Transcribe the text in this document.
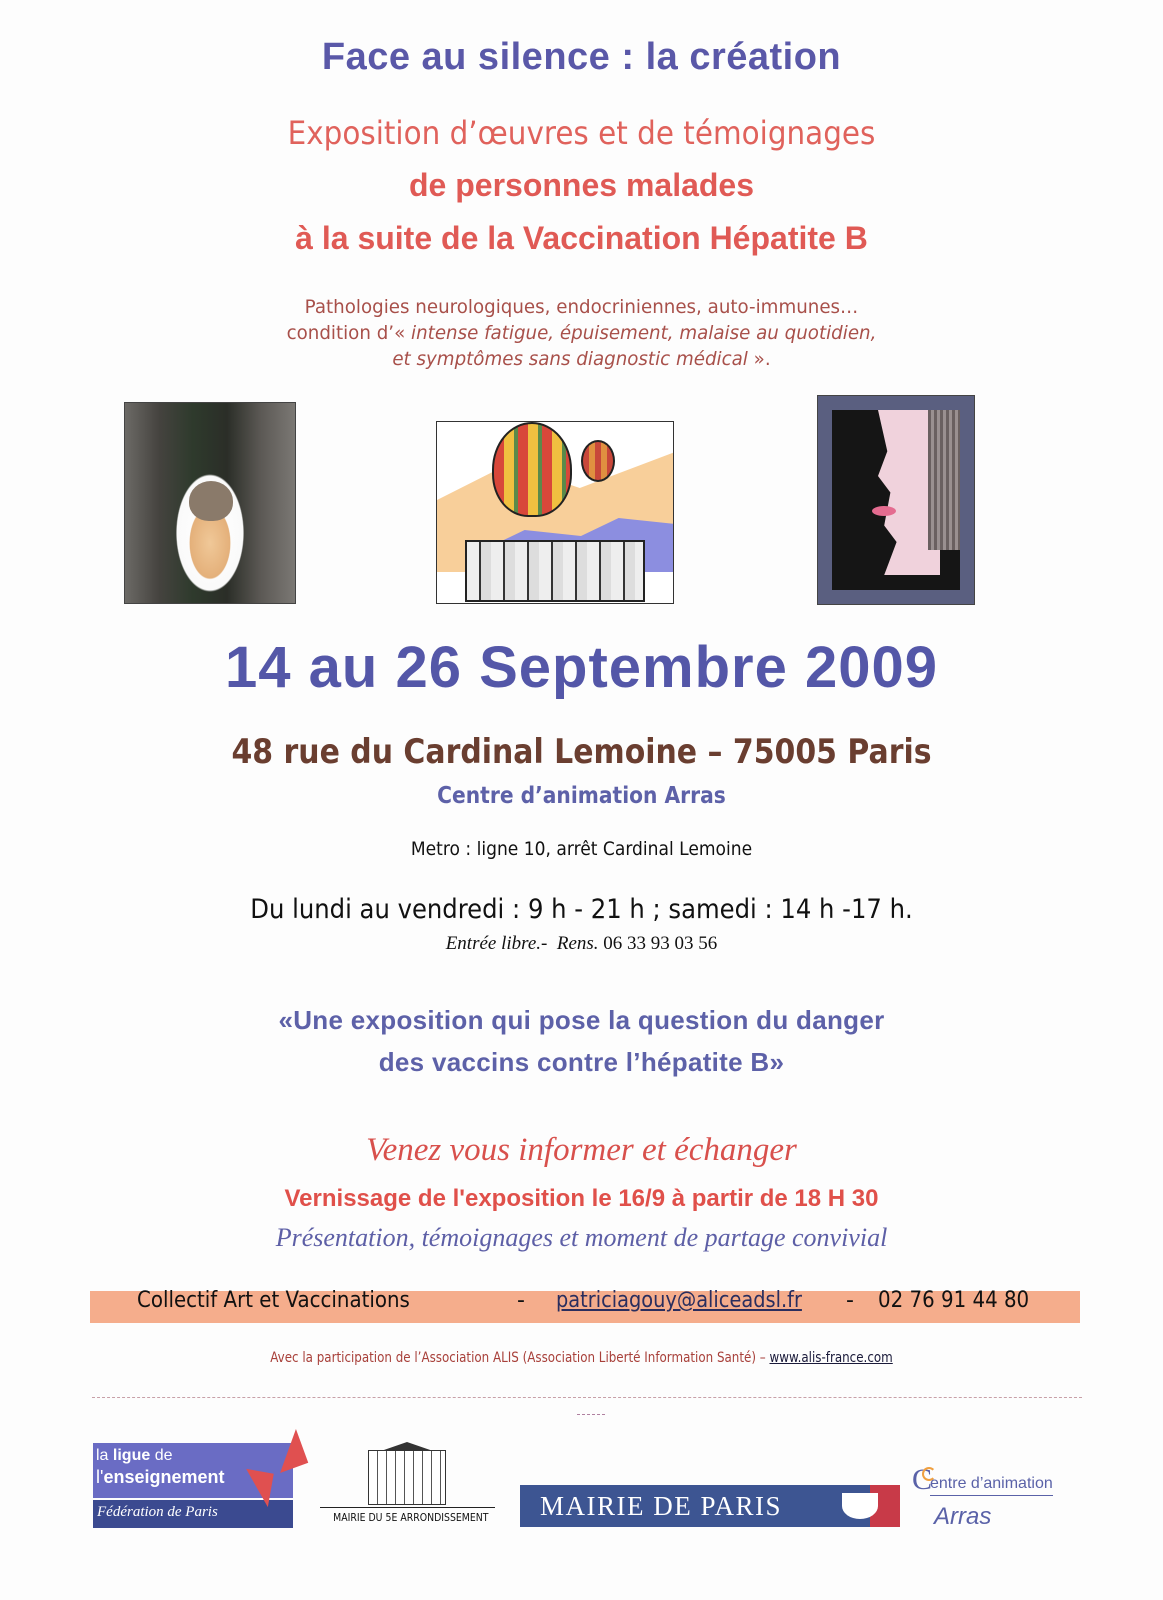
Face au silence : la création
Exposition d’œuvres et de témoignages
de personnes malades
à la suite de la Vaccination Hépatite B
Pathologies neurologiques, endocriniennes, auto-immunes…
condition d’« intense fatigue, épuisement, malaise au quotidien,
et symptômes sans diagnostic médical ».
14 au 26 Septembre 2009
48 rue du Cardinal Lemoine – 75005 Paris
Centre d’animation Arras
Metro : ligne 10, arrêt Cardinal Lemoine
Du lundi au vendredi : 9 h - 21 h ; samedi : 14 h -17 h.
Entrée libre.- Rens. 06 33 93 03 56
«Une exposition qui pose la question du danger
des vaccins contre l’hépatite B»
Venez vous informer et échanger
Vernissage de l'exposition le 16/9 à partir de 18 H 30
Présentation, témoignages et moment de partage convivial
Collectif Art et Vaccinations	- patriciagouy@aliceadsl.fr - 02 76 91 44 80
Avec la participation de l’Association ALIS (Association Liberté Information Santé) – www.alis-france.com
la ligue de
l'enseignement
Fédération de Paris	MAIRIE DU 5E ARRONDISSEMENT MAIRIE DE PARIS
C
entre d’animation
Arras
